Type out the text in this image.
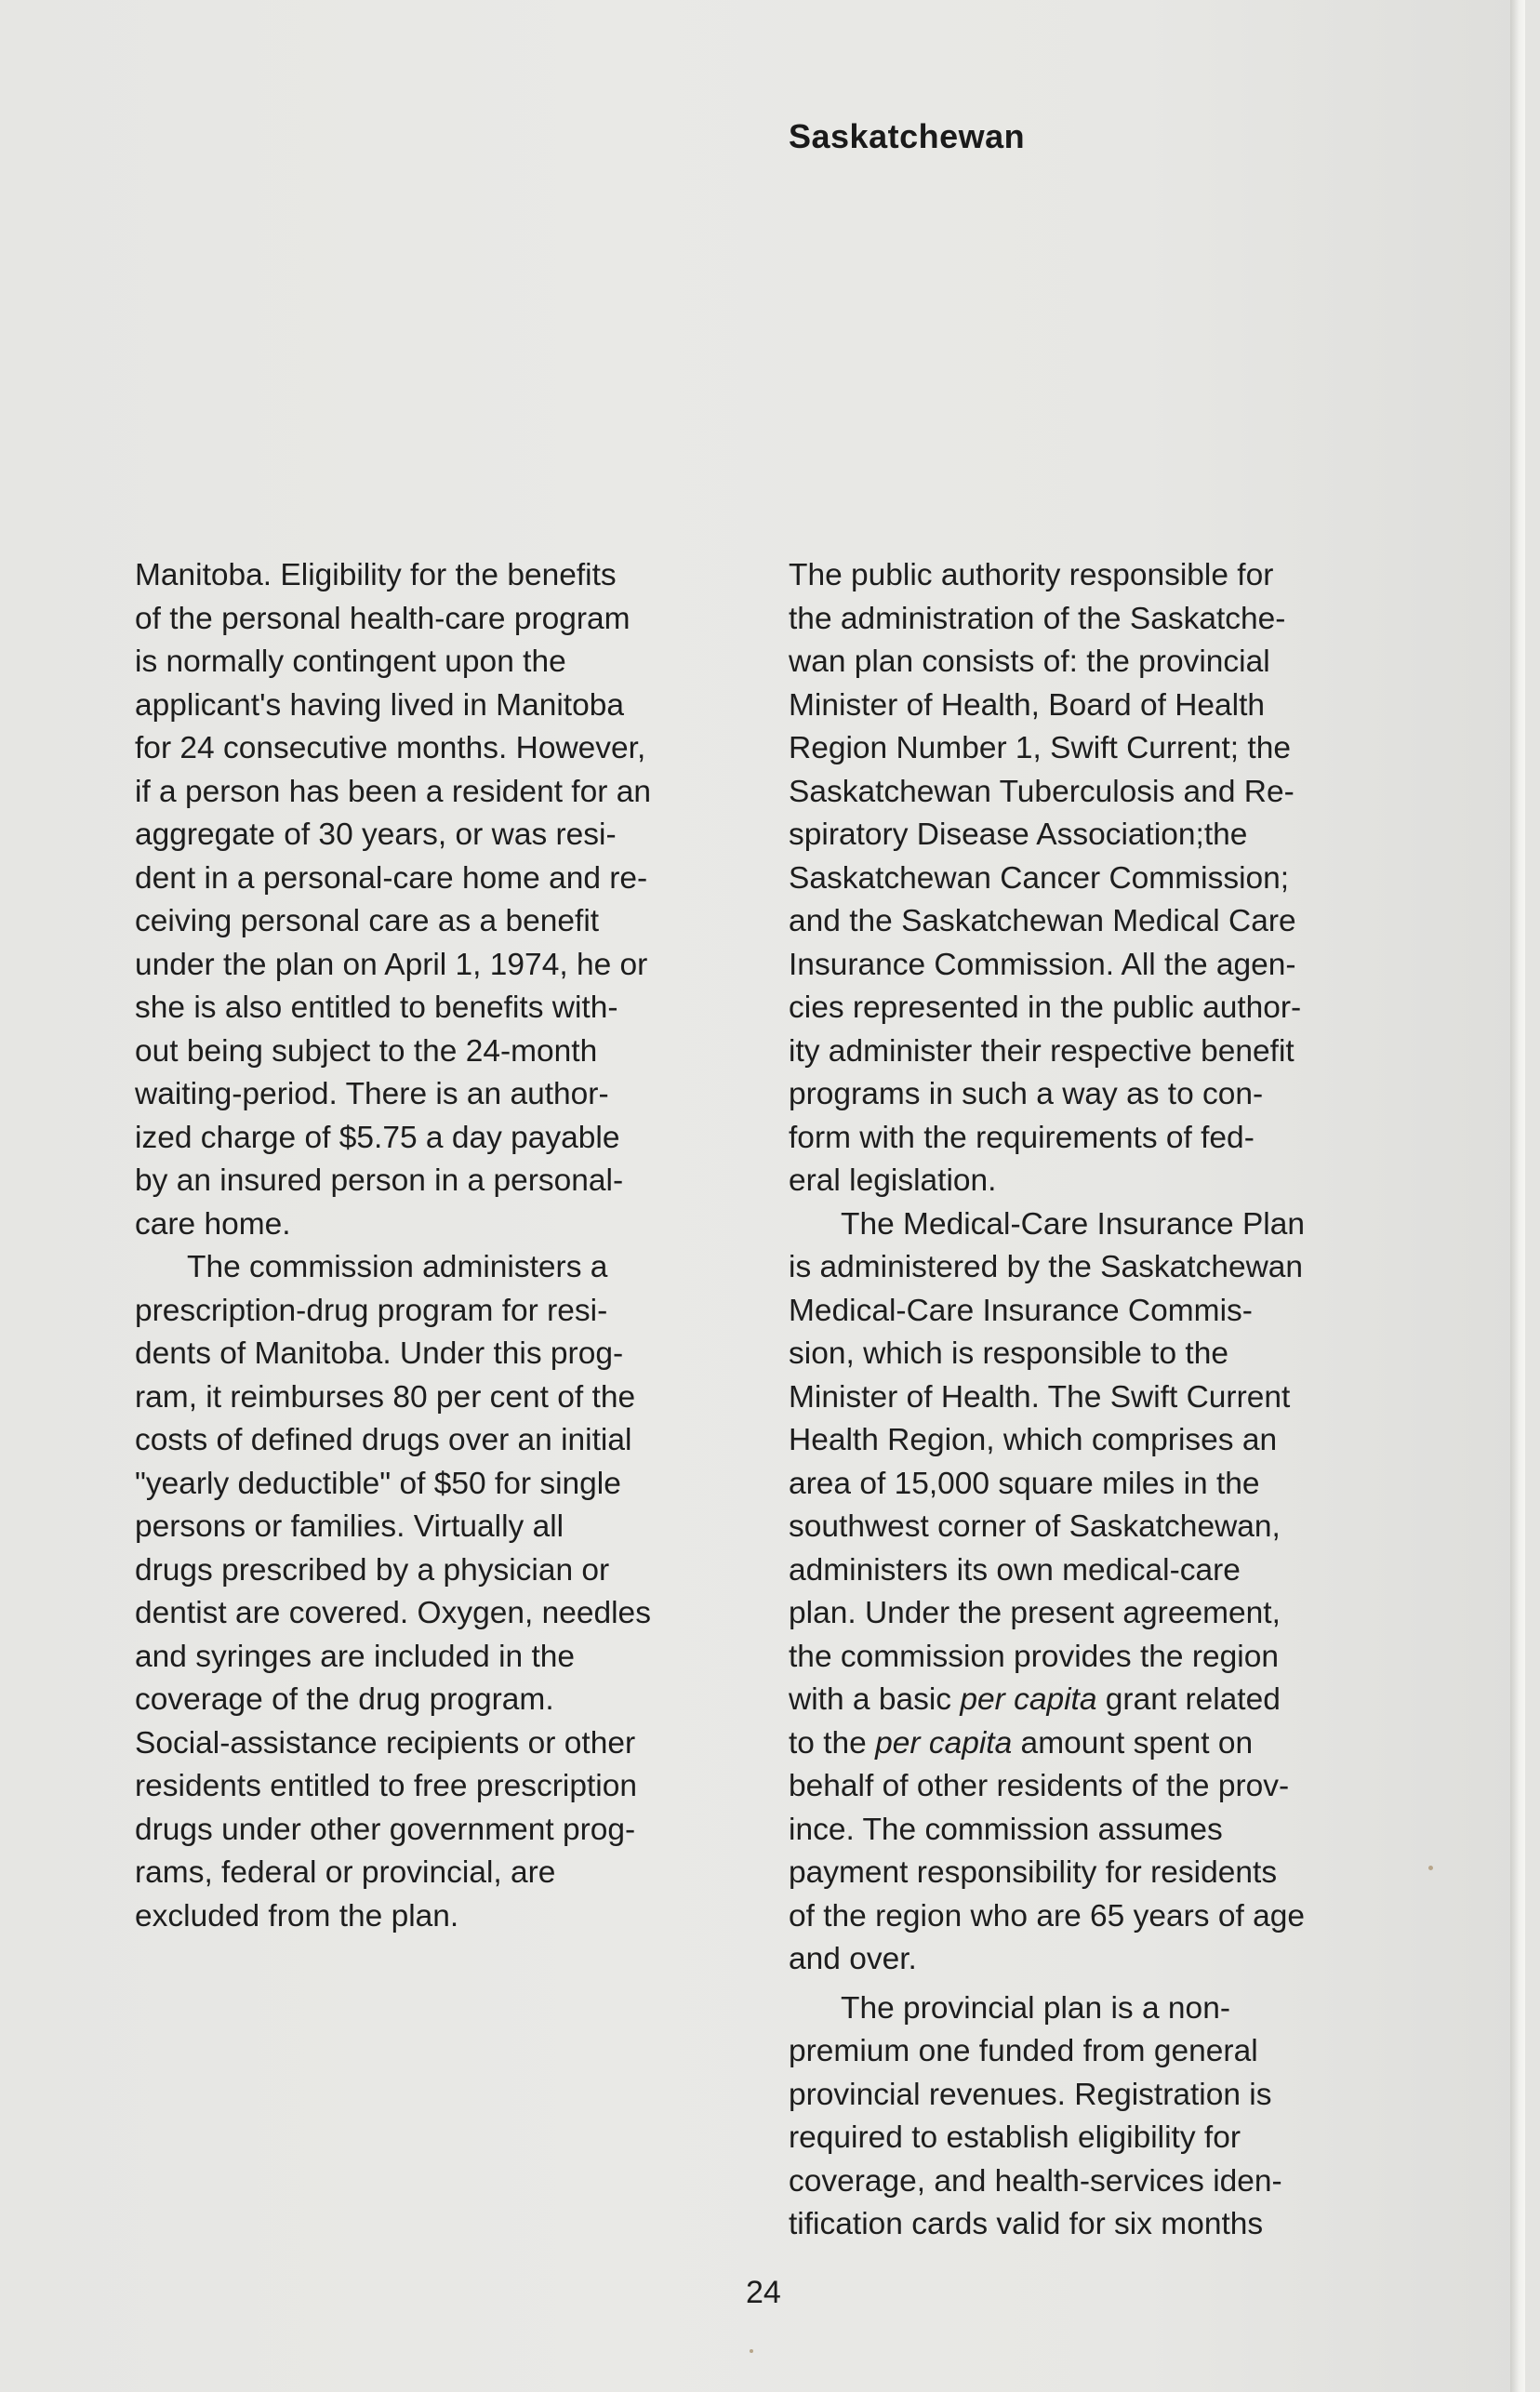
Saskatchewan

Manitoba. Eligibility for the benefits
of the personal health-care program
is normally contingent upon the
applicant's having lived in Manitoba
for 24 consecutive months. However,
if a person has been a resident for an
aggregate of 30 years, or was resi-
dent in a personal-care home and re-
ceiving personal care as a benefit
under the plan on April 1, 1974, he or
she is also entitled to benefits with-
out being subject to the 24-month
waiting-period. There is an author-
ized charge of $5.75 a day payable
by an insured person in a personal-
care home.

The commission administers a
prescription-drug program for resi-
dents of Manitoba. Under this prog-
ram, it reimburses 80 per cent of the
costs of defined drugs over an initial
"yearly deductible" of $50 for single
persons or families. Virtually all
drugs prescribed by a physician or
dentist are covered. Oxygen, needles
and syringes are included in the
coverage of the drug program.
Social-assistance recipients or other
residents entitled to free prescription
drugs under other government prog-
rams, federal or provincial, are
excluded from the plan.

The public authority responsible for
the administration of the Saskatche-
wan plan consists of: the provincial
Minister of Health, Board of Health
Region Number 1, Swift Current; the
Saskatchewan Tuberculosis and Re-
spiratory Disease Association;the
Saskatchewan Cancer Commission;
and the Saskatchewan Medical Care
Insurance Commission. All the agen-
cies represented in the public author-
ity administer their respective benefit
programs in such a way as to con-
form with the requirements of fed-
eral legislation.

The Medical-Care Insurance Plan
is administered by the Saskatchewan
Medical-Care Insurance Commis-
sion, which is responsible to the
Minister of Health. The Swift Current
Health Region, which comprises an
area of 15,000 square miles in the
southwest corner of Saskatchewan,
administers its own medical-care
plan. Under the present agreement,
the commission provides the region
with a basic per capita grant related
to the per capita amount spent on
behalf of other residents of the prov-
ince. The commission assumes
payment responsibility for residents
of the region who are 65 years of age
and over.

The provincial plan is a non-
premium one funded from general
provincial revenues. Registration is
required to establish eligibility for
coverage, and health-services iden-
tification cards valid for six months

24
